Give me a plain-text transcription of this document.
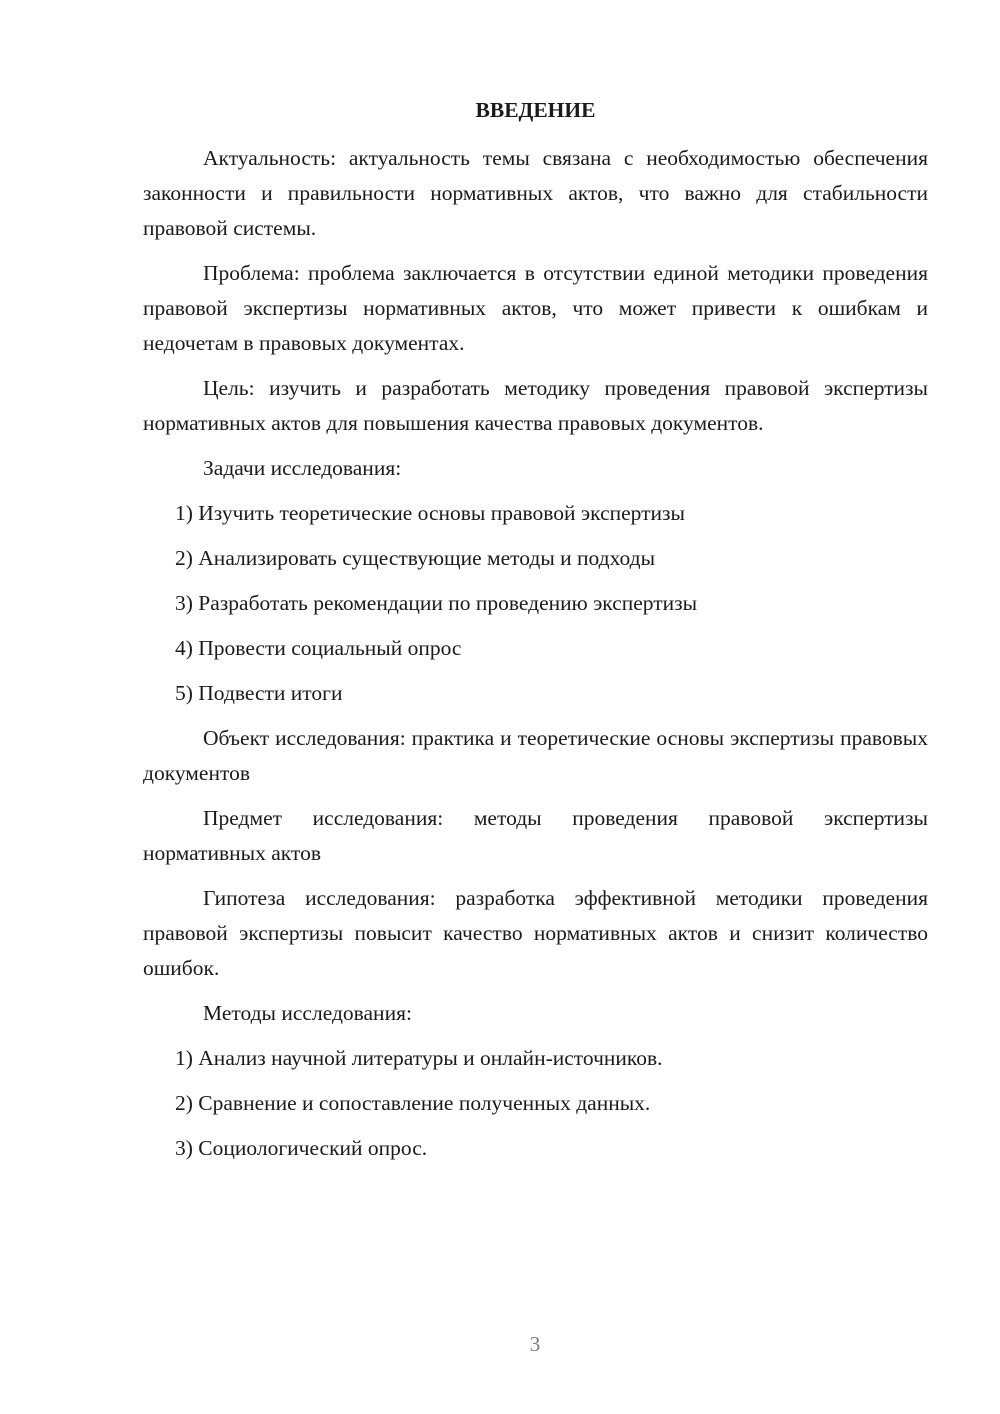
ВВЕДЕНИЕ

Актуальность: актуальность темы связана с необходимостью обеспечения законности и правильности нормативных актов, что важно для стабильности правовой системы.

Проблема: проблема заключается в отсутствии единой методики проведения правовой экспертизы нормативных актов, что может привести к ошибкам и недочетам в правовых документах.

Цель: изучить и разработать методику проведения правовой экспертизы нормативных актов для повышения качества правовых документов.

Задачи исследования:

1) Изучить теоретические основы правовой экспертизы

2) Анализировать существующие методы и подходы

3) Разработать рекомендации по проведению экспертизы

4) Провести социальный опрос

5) Подвести итоги

Объект исследования: практика и теоретические основы экспертизы правовых документов

Предмет исследования: методы проведения правовой экспертизы нормативных актов

Гипотеза исследования: разработка эффективной методики проведения правовой экспертизы повысит качество нормативных актов и снизит количество ошибок.

Методы исследования:

1) Анализ научной литературы и онлайн-источников.

2) Сравнение и сопоставление полученных данных.

3) Социологический опрос.

3
